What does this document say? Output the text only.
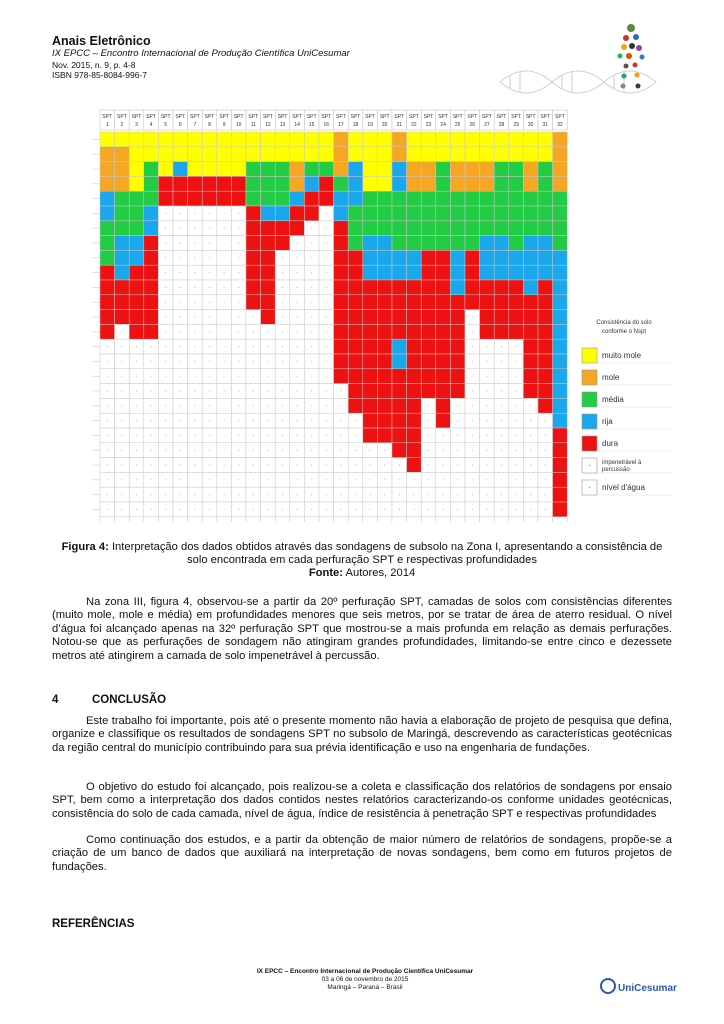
Anais Eletrônico
IX EPCC – Encontro Internacional de Produção Científica UniCesumar
Nov. 2015, n. 9, p. 4-8
ISBN 978-85-8084-996-7
SPT
1
SPT
2
SPT
3
SPT
4
SPT
5
SPT
6
SPT
7
SPT
8
SPT
9
SPT
10
SPT
11
SPT
12
SPT
13
SPT
14
SPT
15
SPT
16
SPT
17
SPT
18
SPT
19
SPT
20
SPT
21
SPT
22
SPT
23
SPT
24
SPT
25
SPT
26
SPT
27
SPT
28
SPT
29
SPT
30
SPT
31
SPT
32
Consistência do solo
conforme o Nspt
muito mole
mole
média
rija
dura
impenetrável à
percussão
nível d'água
Figura 4: Interpretação dos dados obtidos através das sondagens de subsolo na Zona I, apresentando a consistência de solo encontrada em cada perfuração SPT e respectivas profundidades
Fonte: Autores, 2014
Na zona III, figura 4, observou-se a partir da 20º perfuração SPT, camadas de solos com consistências diferentes (muito mole, mole e média) em profundidades menores que seis metros, por se tratar de área de aterro residual. O nível d’água foi alcançado apenas na 32º perfuração SPT que mostrou-se a mais profunda em relação as demais perfurações. Notou-se que as perfurações de sondagem não atingiram grandes profundidades, limitando-se entre cinco e dezessete metros até atingirem a camada de solo impenetrável à percussão.
4	CONCLUSÃO
Este trabalho foi importante, pois até o presente momento não havia a elaboração de projeto de pesquisa que defina, organize e classifique os resultados de sondagens SPT no subsolo de Maringá, descrevendo as características geotécnicas da região central do município contribuindo para sua prévia identificação e uso na engenharia de fundações.
O objetivo do estudo foi alcançado, pois realizou-se a coleta e classificação dos relatórios de sondagens por ensaio SPT, bem como a interpretação dos dados contidos nestes relatórios caracterizando-os conforme unidades geotécnicas, consistência do solo de cada camada, nível de água, índice de resistência à penetração SPT e respectivas profundidades
Como continuação dos estudos, e a partir da obtenção de maior número de relatórios de sondagens, propõe-se a criação de um banco de dados que auxiliará na interpretação de novas sondagens, bem como em futuros projetos de fundações.
REFERÊNCIAS
IX EPCC – Encontro Internacional de Produção Científica UniCesumar
03 a 06 de novembro de 2015
Maringá – Paraná – Brasil	UniCesumar
